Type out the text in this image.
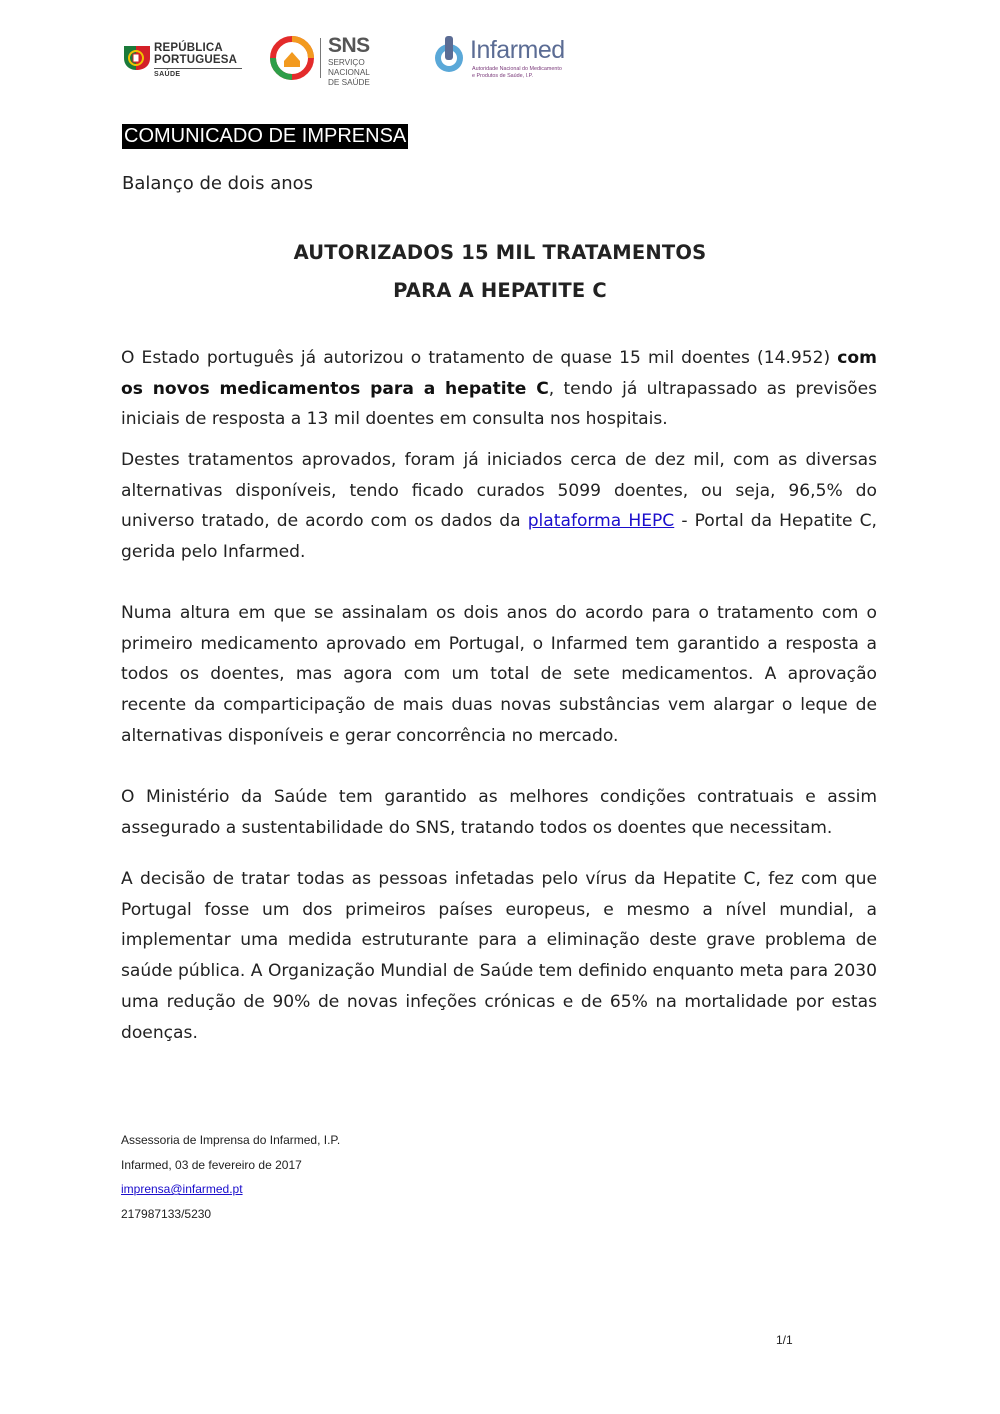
REPÚBLICA
PORTUGUESA
SAÚDE
SNS
SERVIÇO NACIONAL
DE SAÚDE
Infarmed
Autoridade Nacional do Medicamento
e Produtos de Saúde, I.P.
COMUNICADO DE IMPRENSA
Balanço de dois anos
AUTORIZADOS 15 MIL TRATAMENTOS
PARA A HEPATITE C
O Estado português já autorizou o tratamento de quase 15 mil doentes (14.952) com os novos medicamentos para a hepatite C, tendo já ultrapassado as previsões iniciais de resposta a 13 mil doentes em consulta nos hospitais.
Destes tratamentos aprovados, foram já iniciados cerca de dez mil, com as diversas alternativas disponíveis, tendo ficado curados 5099 doentes, ou seja, 96,5% do universo tratado, de acordo com os dados da plataforma HEPC - Portal da Hepatite C, gerida pelo Infarmed.
Numa altura em que se assinalam os dois anos do acordo para o tratamento com o primeiro medicamento aprovado em Portugal, o Infarmed tem garantido a resposta a todos os doentes, mas agora com um total de sete medicamentos. A aprovação recente da comparticipação de mais duas novas substâncias vem alargar o leque de alternativas disponíveis e gerar concorrência no mercado.
O Ministério da Saúde tem garantido as melhores condições contratuais e assim assegurado a sustentabilidade do SNS, tratando todos os doentes que necessitam.
A decisão de tratar todas as pessoas infetadas pelo vírus da Hepatite C, fez com que Portugal fosse um dos primeiros países europeus, e mesmo a nível mundial, a implementar uma medida estruturante para a eliminação deste grave problema de saúde pública. A Organização Mundial de Saúde tem definido enquanto meta para 2030 uma redução de 90% de novas infeções crónicas e de 65% na mortalidade por estas doenças.
Assessoria de Imprensa do Infarmed, I.P.
Infarmed, 03 de fevereiro de 2017
imprensa@infarmed.pt
217987133/5230
1/1
